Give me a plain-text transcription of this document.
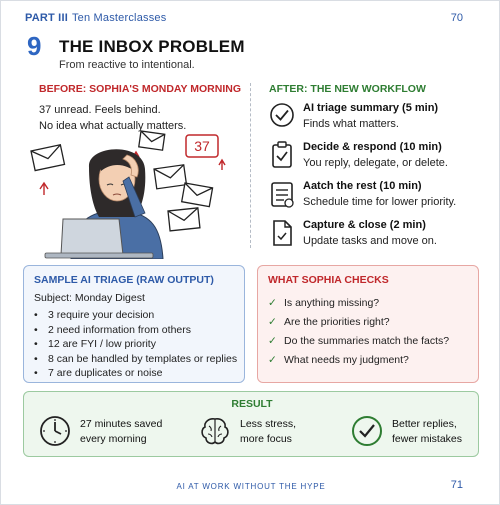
PART III Ten Masterclasses	70
9 THE INBOX PROBLEM
From reactive to intentional.
BEFORE: SOPHIA'S MONDAY MORNING
37 unread. Feels behind.
No idea what actually matters.
37
AFTER: THE NEW WORKFLOW
AI triage summary (5 min)
Finds what matters.
Decide & respond (10 min)
You reply, delegate, or delete.
Aatch the rest (10 min)
Schedule time for lower priority.
Capture & close (2 min)
Update tasks and move on.
SAMPLE AI TRIAGE (RAW OUTPUT)
Subject: Monday Digest
• 3 require your decision
• 2 need information from others
• 12 are FYI / low priority
• 8 can be handled by templates or replies
• 7 are duplicates or noise
WHAT SOPHIA CHECKS
✓ Is anything missing?
✓ Are the priorities right?
✓ Do the summaries match the facts?
✓ What needs my judgment?
RESULT
27 minutes saved
every morning
Less stress,
more focus
Better replies,
fewer mistakes
AI AT WORK WITHOUT THE HYPE	71
